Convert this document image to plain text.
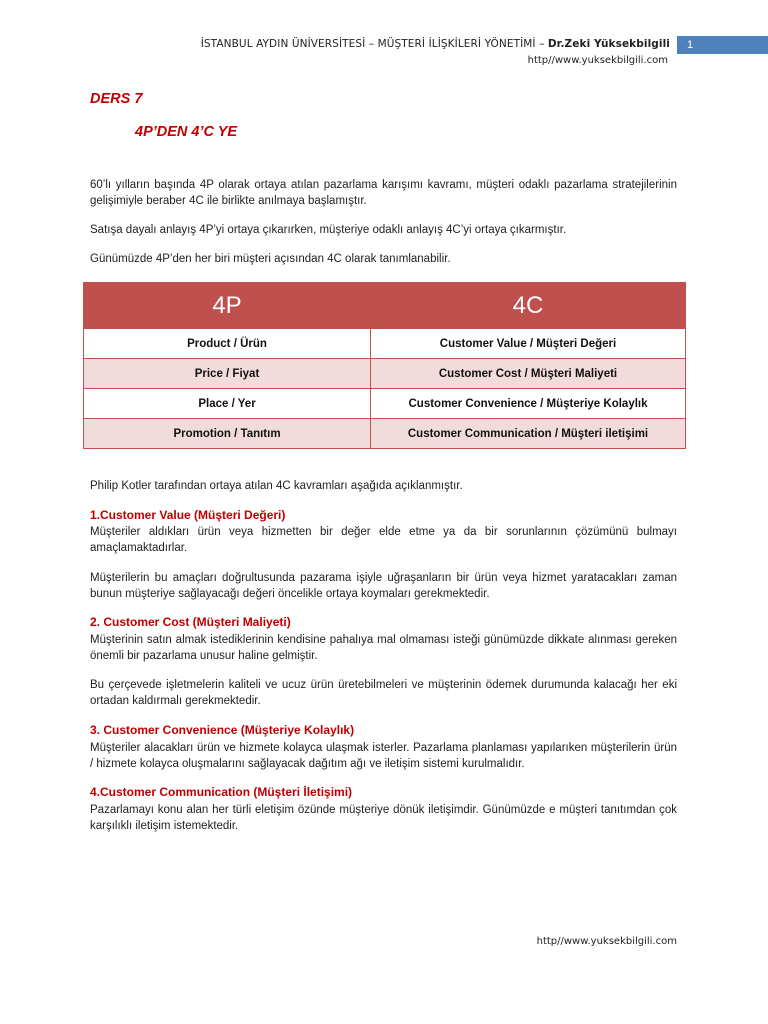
İSTANBUL AYDIN ÜNİVERSİTESİ – MÜŞTERİ İLİŞKİLERİ YÖNETİMİ – Dr.Zeki Yüksekbilgili
http//www.yuksekbilgili.com
1
DERS 7
4P’DEN 4’C YE
60’lı yılların başında 4P olarak ortaya atılan pazarlama karışımı kavramı, müşteri odaklı pazarlama stratejilerinin gelişimiyle beraber 4C ile birlikte anılmaya başlamıştır.
Satışa dayalı anlayış 4P’yi ortaya çıkarırken, müşteriye odaklı anlayış 4C’yi ortaya çıkarmıştır.
Günümüzde 4P’den her biri müşteri açısından 4C olarak tanımlanabilir.
4P	4C
Product / Ürün	Customer Value / Müşteri Değeri
Price / Fiyat	Customer Cost / Müşteri Maliyeti
Place / Yer	Customer Convenience / Müşteriye Kolaylık
Promotion / Tanıtım	Customer Communication / Müşteri iletişimi
Philip Kotler tarafından ortaya atılan 4C kavramları aşağıda açıklanmıştır.
1.Customer Value (Müşteri Değeri)
Müşteriler aldıkları ürün veya hizmetten bir değer elde etme ya da bir sorunlarının çözümünü bulmayı amaçlamaktadırlar.
Müşterilerin bu amaçları doğrultusunda pazarama işiyle uğraşanların bir ürün veya hizmet yaratacakları zaman bunun müşteriye sağlayacağı değeri öncelikle ortaya koymaları gerekmektedir.
2. Customer Cost (Müşteri Maliyeti)
Müşterinin satın almak istediklerinin kendisine pahalıya mal olmaması isteği günümüzde dikkate alınması gereken önemli bir pazarlama unusur haline gelmiştir.
Bu çerçevede işletmelerin kaliteli ve ucuz ürün üretebilmeleri ve müşterinin ödemek durumunda kalacağı her eki ortadan kaldırmalı gerekmektedir.
3. Customer Convenience (Müşteriye Kolaylık)
Müşteriler alacakları ürün ve hizmete kolayca ulaşmak isterler. Pazarlama planlaması yapılarıken müşterilerin ürün / hizmete kolayca oluşmalarını sağlayacak dağıtım ağı ve iletişim sistemi kurulmalıdır.
4.Customer Communication (Müşteri İletişimi)
Pazarlamayı konu alan her türli eletişim özünde müşteriye dönük iletişimdir. Günümüzde e müşteri tanıtımdan çok karşılıklı iletişim istemektedir.
http//www.yuksekbilgili.com
